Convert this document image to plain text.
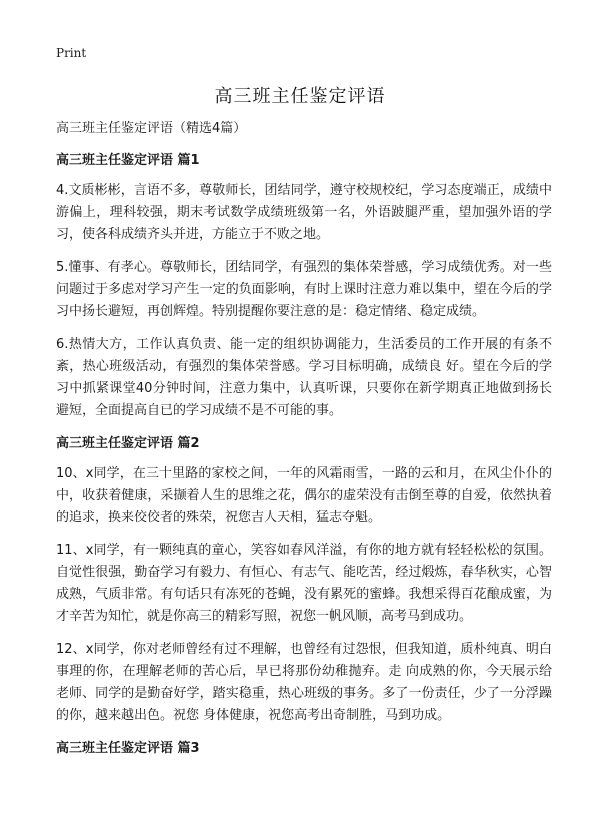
Print
高三班主任鉴定评语
高三班主任鉴定评语（精选4篇）
高三班主任鉴定评语 篇1

4.文质彬彬，言语不多，尊敬师长，团结同学，遵守校规校纪，学习态度端正，成绩中游偏上，理科较强，期末考试数学成绩班级第一名，外语跛腿严重，望加强外语的学习，使各科成绩齐头并进，方能立于不败之地。

5.懂事、有孝心。尊敬师长，团结同学，有强烈的集体荣誉感，学习成绩优秀。对一些问题过于多虑对学习产生一定的负面影响，有时上课时注意力难以集中，望在今后的学习中扬长避短，再创辉煌。特别提醒你要注意的是：稳定情绪、稳定成绩。

6.热情大方，工作认真负责、能一定的组织协调能力，生活委员的工作开展的有条不紊，热心班级活动，有强烈的集体荣誉感。学习目标明确，成绩良 好。望在今后的学习中抓紧课堂40分钟时间，注意力集中，认真听课，只要你在新学期真正地做到扬长避短，全面提高自已的学习成绩不是不可能的事。

高三班主任鉴定评语 篇2

10、x同学，在三十里路的家校之间，一年的风霜雨雪，一路的云和月，在风尘仆仆的中，收获着健康，采撷着人生的思维之花，偶尔的虚荣没有击倒至尊的自爱，依然执着的追求，换来佼佼者的殊荣，祝您吉人天相，猛志夺魁。

11、x同学，有一颗纯真的童心，笑容如春风洋溢，有你的地方就有轻轻松松的氛围。自觉性很强，勤奋学习有毅力、有恒心、有志气、能吃苦，经过煅炼，春华秋实，心智成熟，气质非常。有句话只有冻死的苍蝇，没有累死的蜜蜂。我想采得百花酿成蜜，为才辛苦为知忙，就是你高三的精彩写照，祝您一帆风顺，高考马到成功。

12、x同学，你对老师曾经有过不理解，也曾经有过怨恨，但我知道，质朴纯真、明白事理的你，在理解老师的苦心后，早已将那份幼稚抛弃。走 向成熟的你，今天展示给老师、同学的是勤奋好学，踏实稳重，热心班级的事务。多了一份责任，少了一分浮躁的你，越来越出色。祝您 身体健康，祝您高考出奇制胜，马到功成。

高三班主任鉴定评语 篇3
